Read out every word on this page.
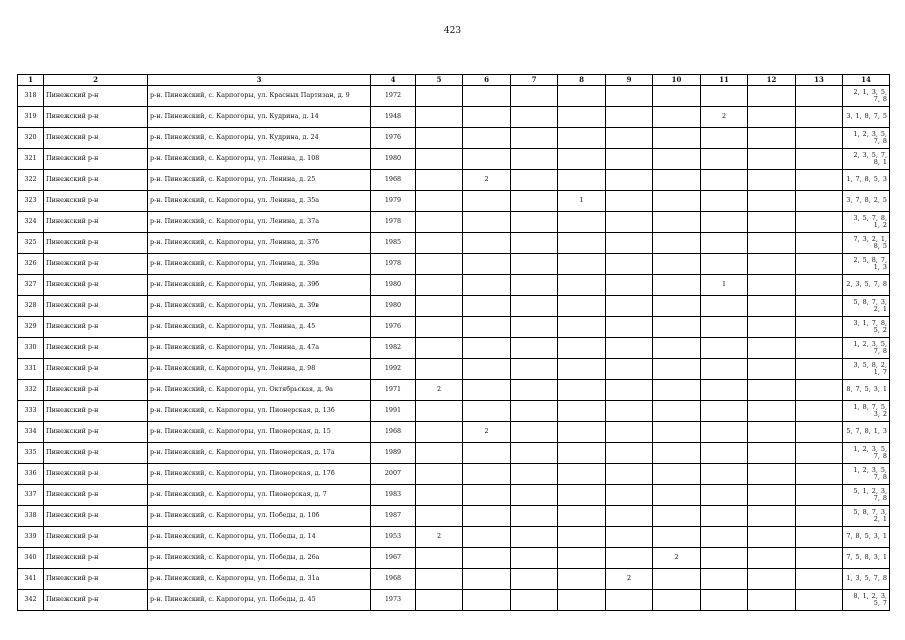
423
1	2	3	4	5	6	7	8	9	10	11	12	13	14
318	Пинежский р-н	р-н. Пинежский, с. Карпогоры, ул. Красных Партизан, д. 9	1972										2, 1, 3, 5, 7, 8
319	Пинежский р-н	р-н. Пинежский, с. Карпогоры, ул. Кудрина, д. 14	1948							2			3, 1, 8, 7, 5
320	Пинежский р-н	р-н. Пинежский, с. Карпогоры, ул. Кудрина, д. 24	1976										1, 2, 3, 5, 7, 8
321	Пинежский р-н	р-н. Пинежский, с. Карпогоры, ул. Ленина, д. 108	1980										2, 3, 5, 7, 8, 1
322	Пинежский р-н	р-н. Пинежский, с. Карпогоры, ул. Ленина, д. 25	1968		2								1, 7, 8, 5, 3
323	Пинежский р-н	р-н. Пинежский, с. Карпогоры, ул. Ленина, д. 35а	1979				1						3, 7, 8, 2, 5
324	Пинежский р-н	р-н. Пинежский, с. Карпогоры, ул. Ленина, д. 37а	1978										3, 5, 7, 8, 1, 2
325	Пинежский р-н	р-н. Пинежский, с. Карпогоры, ул. Ленина, д. 37б	1985										7, 3, 2, 1, 8, 5
326	Пинежский р-н	р-н. Пинежский, с. Карпогоры, ул. Ленина, д. 39а	1978										2, 5, 8, 7, 1, 3
327	Пинежский р-н	р-н. Пинежский, с. Карпогоры, ул. Ленина, д. 39б	1980							1			2, 3, 5, 7, 8
328	Пинежский р-н	р-н. Пинежский, с. Карпогоры, ул. Ленина, д. 39в	1980										5, 8, 7, 3, 2, 1
329	Пинежский р-н	р-н. Пинежский, с. Карпогоры, ул. Ленина, д. 45	1976										3, 1, 7, 8, 5, 2
330	Пинежский р-н	р-н. Пинежский, с. Карпогоры, ул. Ленина, д. 47а	1982										1, 2, 3, 5, 7, 8
331	Пинежский р-н	р-н. Пинежский, с. Карпогоры, ул. Ленина, д. 98	1992										3, 5, 8, 2, 1, 7
332	Пинежский р-н	р-н. Пинежский, с. Карпогоры, ул. Октябрьская, д. 9а	1971	2									8, 7, 5, 3, 1
333	Пинежский р-н	р-н. Пинежский, с. Карпогоры, ул. Пионерская, д. 13б	1991										1, 8, 7, 5, 3, 2
334	Пинежский р-н	р-н. Пинежский, с. Карпогоры, ул. Пионерская, д. 15	1968		2								5, 7, 8, 1, 3
335	Пинежский р-н	р-н. Пинежский, с. Карпогоры, ул. Пионерская, д. 17а	1989										1, 2, 3, 5, 7, 8
336	Пинежский р-н	р-н. Пинежский, с. Карпогоры, ул. Пионерская, д. 17б	2007										1, 2, 3, 5, 7, 8
337	Пинежский р-н	р-н. Пинежский, с. Карпогоры, ул. Пионерская, д. 7	1983										5, 1, 2, 3, 7, 8
338	Пинежский р-н	р-н. Пинежский, с. Карпогоры, ул. Победы, д. 10б	1987										5, 8, 7, 3, 2, 1
339	Пинежский р-н	р-н. Пинежский, с. Карпогоры, ул. Победы, д. 14	1953	2									7, 8, 5, 3, 1
340	Пинежский р-н	р-н. Пинежский, с. Карпогоры, ул. Победы, д. 26а	1967						2				7, 5, 8, 3, 1
341	Пинежский р-н	р-н. Пинежский, с. Карпогоры, ул. Победы, д. 31а	1968					2					1, 3, 5, 7, 8
342	Пинежский р-н	р-н. Пинежский, с. Карпогоры, ул. Победы, д. 45	1973										8, 1, 2, 3, 5, 7
